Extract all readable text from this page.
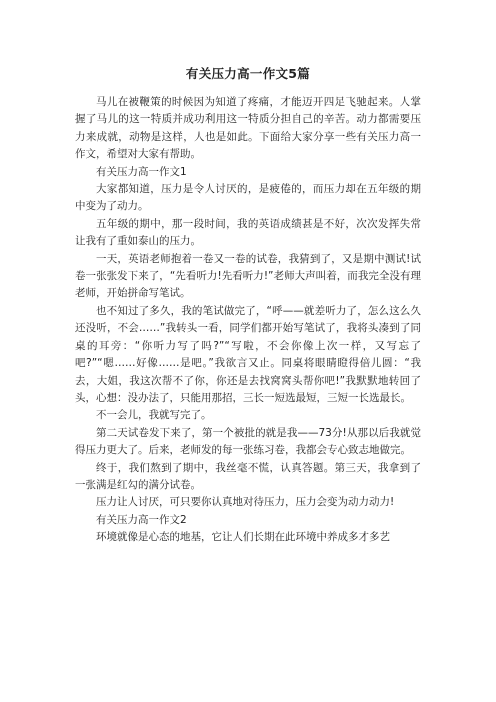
有关压力高一作文5篇

马儿在被鞭策的时候因为知道了疼痛，才能迈开四足飞驰起来。人掌握了马儿的这一特质并成功利用这一特质分担自己的辛苦。动力都需要压力来成就，动物是这样，人也是如此。下面给大家分享一些有关压力高一作文，希望对大家有帮助。

有关压力高一作文1

大家都知道，压力是令人讨厌的，是疲倦的，而压力却在五年级的期中变为了动力。

五年级的期中，那一段时间，我的英语成绩甚是不好，次次发挥失常让我有了重如泰山的压力。

一天，英语老师抱着一卷又一卷的试卷，我猜到了，又是期中测试!试卷一张张发下来了，“先看听力!先看听力!”老师大声叫着，而我完全没有理老师，开始拼命写笔试。

也不知过了多久，我的笔试做完了，“呼——就差听力了，怎么这么久还没听，不会……”我转头一看，同学们都开始写笔试了，我将头凑到了同桌的耳旁：“你听力写了吗?”“写啦，不会你像上次一样，又写忘了吧?”“嗯……好像……是吧。”我欲言又止。同桌将眼睛瞪得倍儿圆：“我去，大姐，我这次帮不了你，你还是去找窝窝头帮你吧!”我默默地转回了头，心想：没办法了，只能用那招，三长一短选最短，三短一长选最长。

不一会儿，我就写完了。

第二天试卷发下来了，第一个被批的就是我——73分!从那以后我就觉得压力更大了。后来，老师发的每一张练习卷，我都会专心致志地做完。

终于，我们熬到了期中，我丝毫不慌，认真答题。第三天，我拿到了一张满是红勾的满分试卷。

压力让人讨厌，可只要你认真地对待压力，压力会变为动力动力!

有关压力高一作文2

环境就像是心态的地基，它让人们长期在此环境中养成多才多艺
